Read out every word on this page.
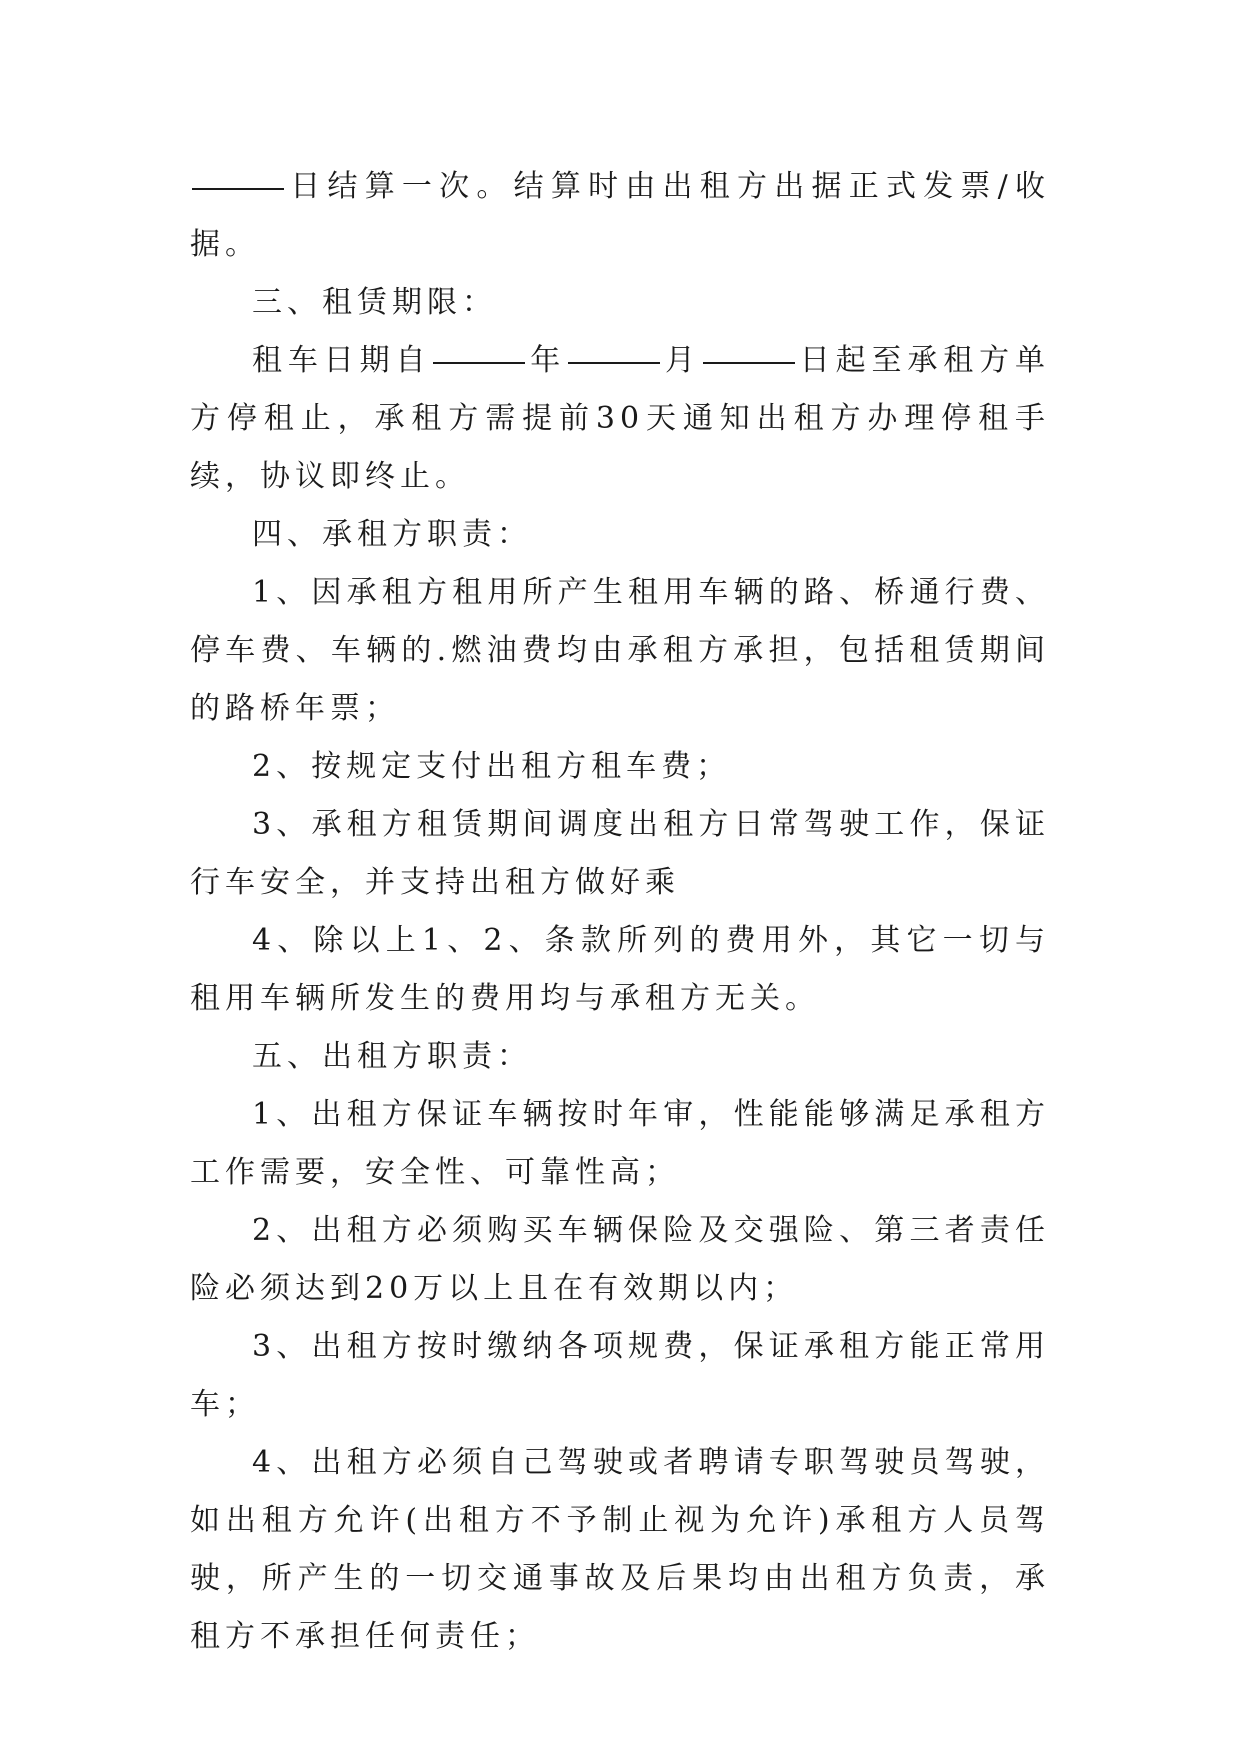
日结算一次。结算时由出租方出据正式发票/收据。

三、租赁期限：

租车日期自	年	月	日起至承租方单方停租止，承租方需提前30天通知出租方办理停租手续，协议即终止。

四、承租方职责：

1、因承租方租用所产生租用车辆的路、桥通行费、停车费、车辆的.燃油费均由承租方承担，包括租赁期间的路桥年票；

2、按规定支付出租方租车费；

3、承租方租赁期间调度出租方日常驾驶工作，保证行车安全，并支持出租方做好乘

4、除以上1、2、条款所列的费用外，其它一切与租用车辆所发生的费用均与承租方无关。

五、出租方职责：

1、出租方保证车辆按时年审，性能能够满足承租方工作需要，安全性、可靠性高；

2、出租方必须购买车辆保险及交强险、第三者责任险必须达到20万以上且在有效期以内；

3、出租方按时缴纳各项规费，保证承租方能正常用车；

4、出租方必须自己驾驶或者聘请专职驾驶员驾驶，如出租方允许(出租方不予制止视为允许)承租方人员驾驶，所产生的一切交通事故及后果均由出租方负责，承租方不承担任何责任；
